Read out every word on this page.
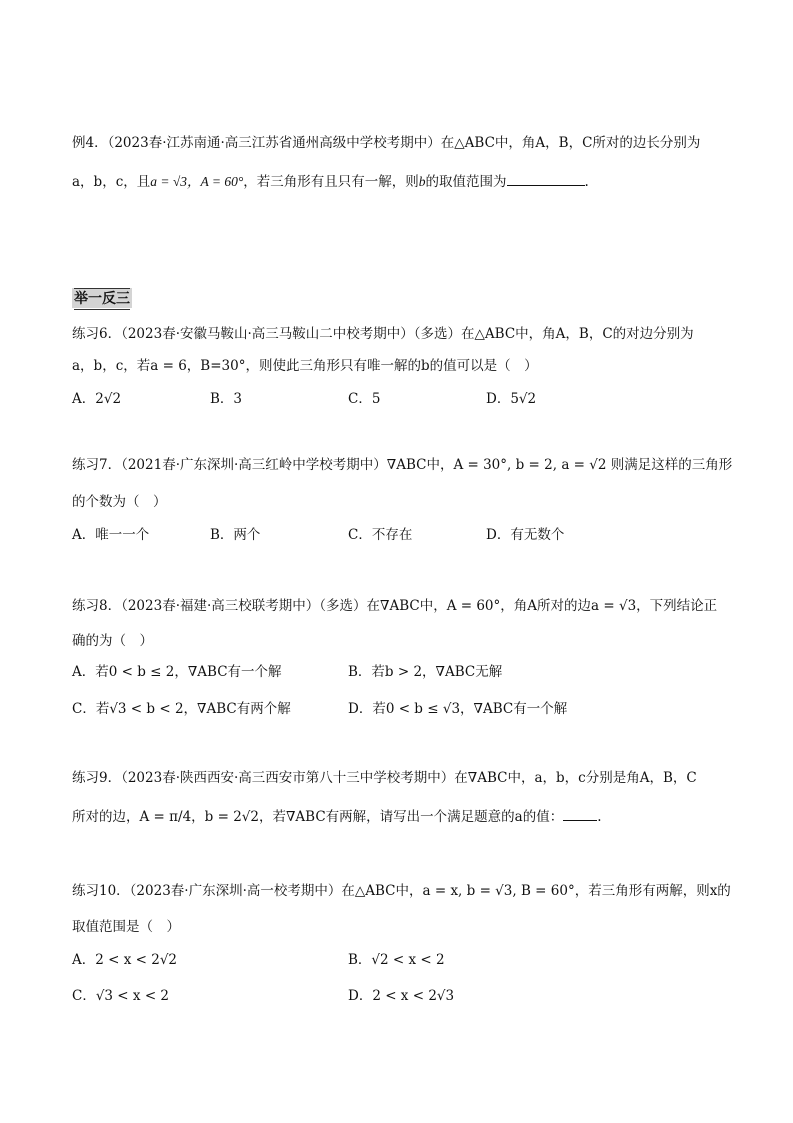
例4．（2023春·江苏南通·高三江苏省通州高级中学校考期中）在△ABC中，角A，B，C所对的边长分别为
a，b，c，且a = √3，A = 60°，若三角形有且只有一解，则b的取值范围为	.
举一反三
练习6．（2023春·安徽马鞍山·高三马鞍山二中校考期中）（多选）在△ABC中，角A，B，C的对边分别为
a，b，c，若a = 6，B=30°，则使此三角形只有唯一解的b的值可以是（　）
A．2√2	B．3	C．5	D．5√2
练习7．（2021春·广东深圳·高三红岭中学校考期中）∇ABC中，A = 30°, b = 2, a = √2 则满足这样的三角形
的个数为（　）
A．唯一一个	B．两个	C．不存在	D．有无数个
练习8．（2023春·福建·高三校联考期中）（多选）在∇ABC中，A = 60°，角A所对的边a = √3，下列结论正
确的为（　）
A．若0 < b ≤ 2，∇ABC有一个解	B．若b > 2，∇ABC无解
C．若√3 < b < 2，∇ABC有两个解	D．若0 < b ≤ √3，∇ABC有一个解
练习9．（2023春·陕西西安·高三西安市第八十三中学校考期中）在∇ABC中，a，b，c分别是角A，B，C
所对的边，A = π/4，b = 2√2，若∇ABC有两解，请写出一个满足题意的a的值：	.
练习10．（2023春·广东深圳·高一校考期中）在△ABC中，a = x, b = √3, B = 60°，若三角形有两解，则x的
取值范围是（　）
A．2 < x < 2√2	B．√2 < x < 2
C．√3 < x < 2	D．2 < x < 2√3
